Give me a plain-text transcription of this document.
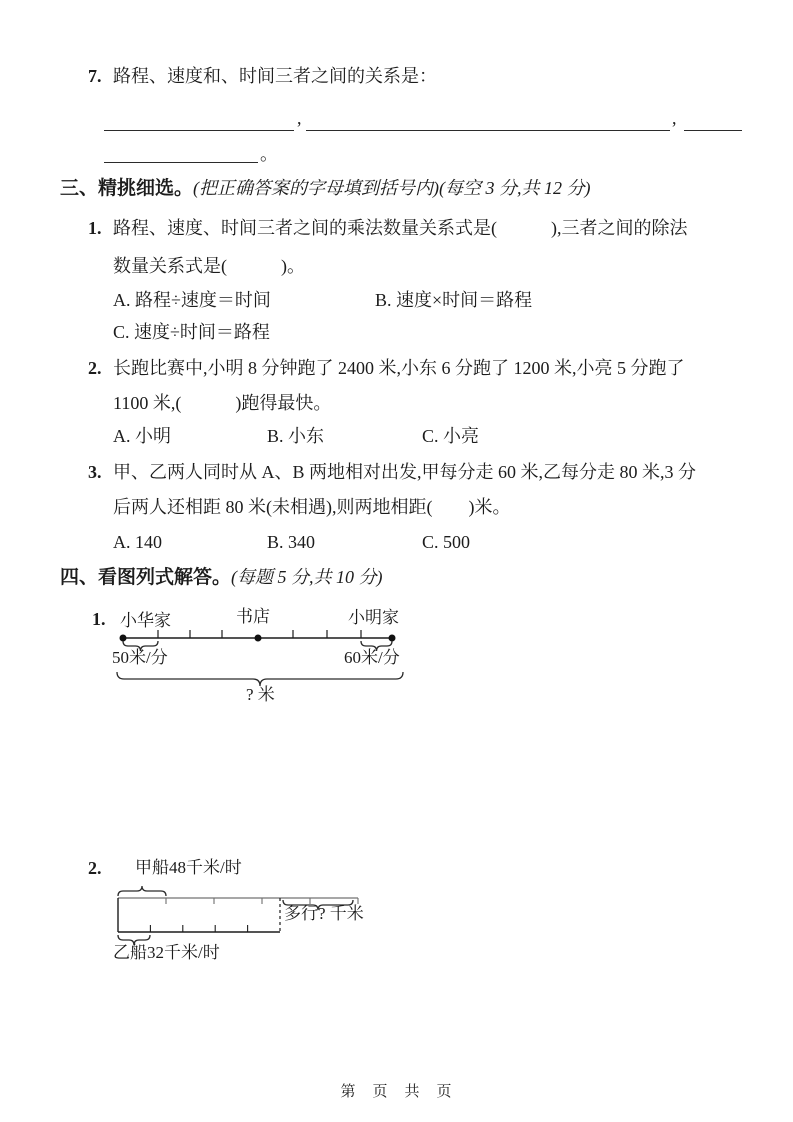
7. 路程、速度和、时间三者之间的关系是：
,	,
。
三、精挑细选。(把正确答案的字母填到括号内)(每空 3 分,共 12 分)
1. 路程、速度、时间三者之间的乘法数量关系式是(　　　),三者之间的除法
数量关系式是(　　　)。
A. 路程÷速度＝时间	B. 速度×时间＝路程
C. 速度÷时间＝路程
2. 长跑比赛中,小明 8 分钟跑了 2400 米,小东 6 分跑了 1200 米,小亮 5 分跑了
1100 米,(　　　)跑得最快。
A. 小明	B. 小东	C. 小亮
3. 甲、乙两人同时从 A、B 两地相对出发,甲每分走 60 米,乙每分走 80 米,3 分
后两人还相距 80 米(未相遇),则两地相距(　　)米。
A. 140	B. 340	C. 500
四、看图列式解答。(每题 5 分,共 10 分)
1. 小华家	书店	小明家
50米/分	60米/分
? 米
2. 甲船48千米/时
多行? 千米
乙船32千米/时
第　页　共　页
